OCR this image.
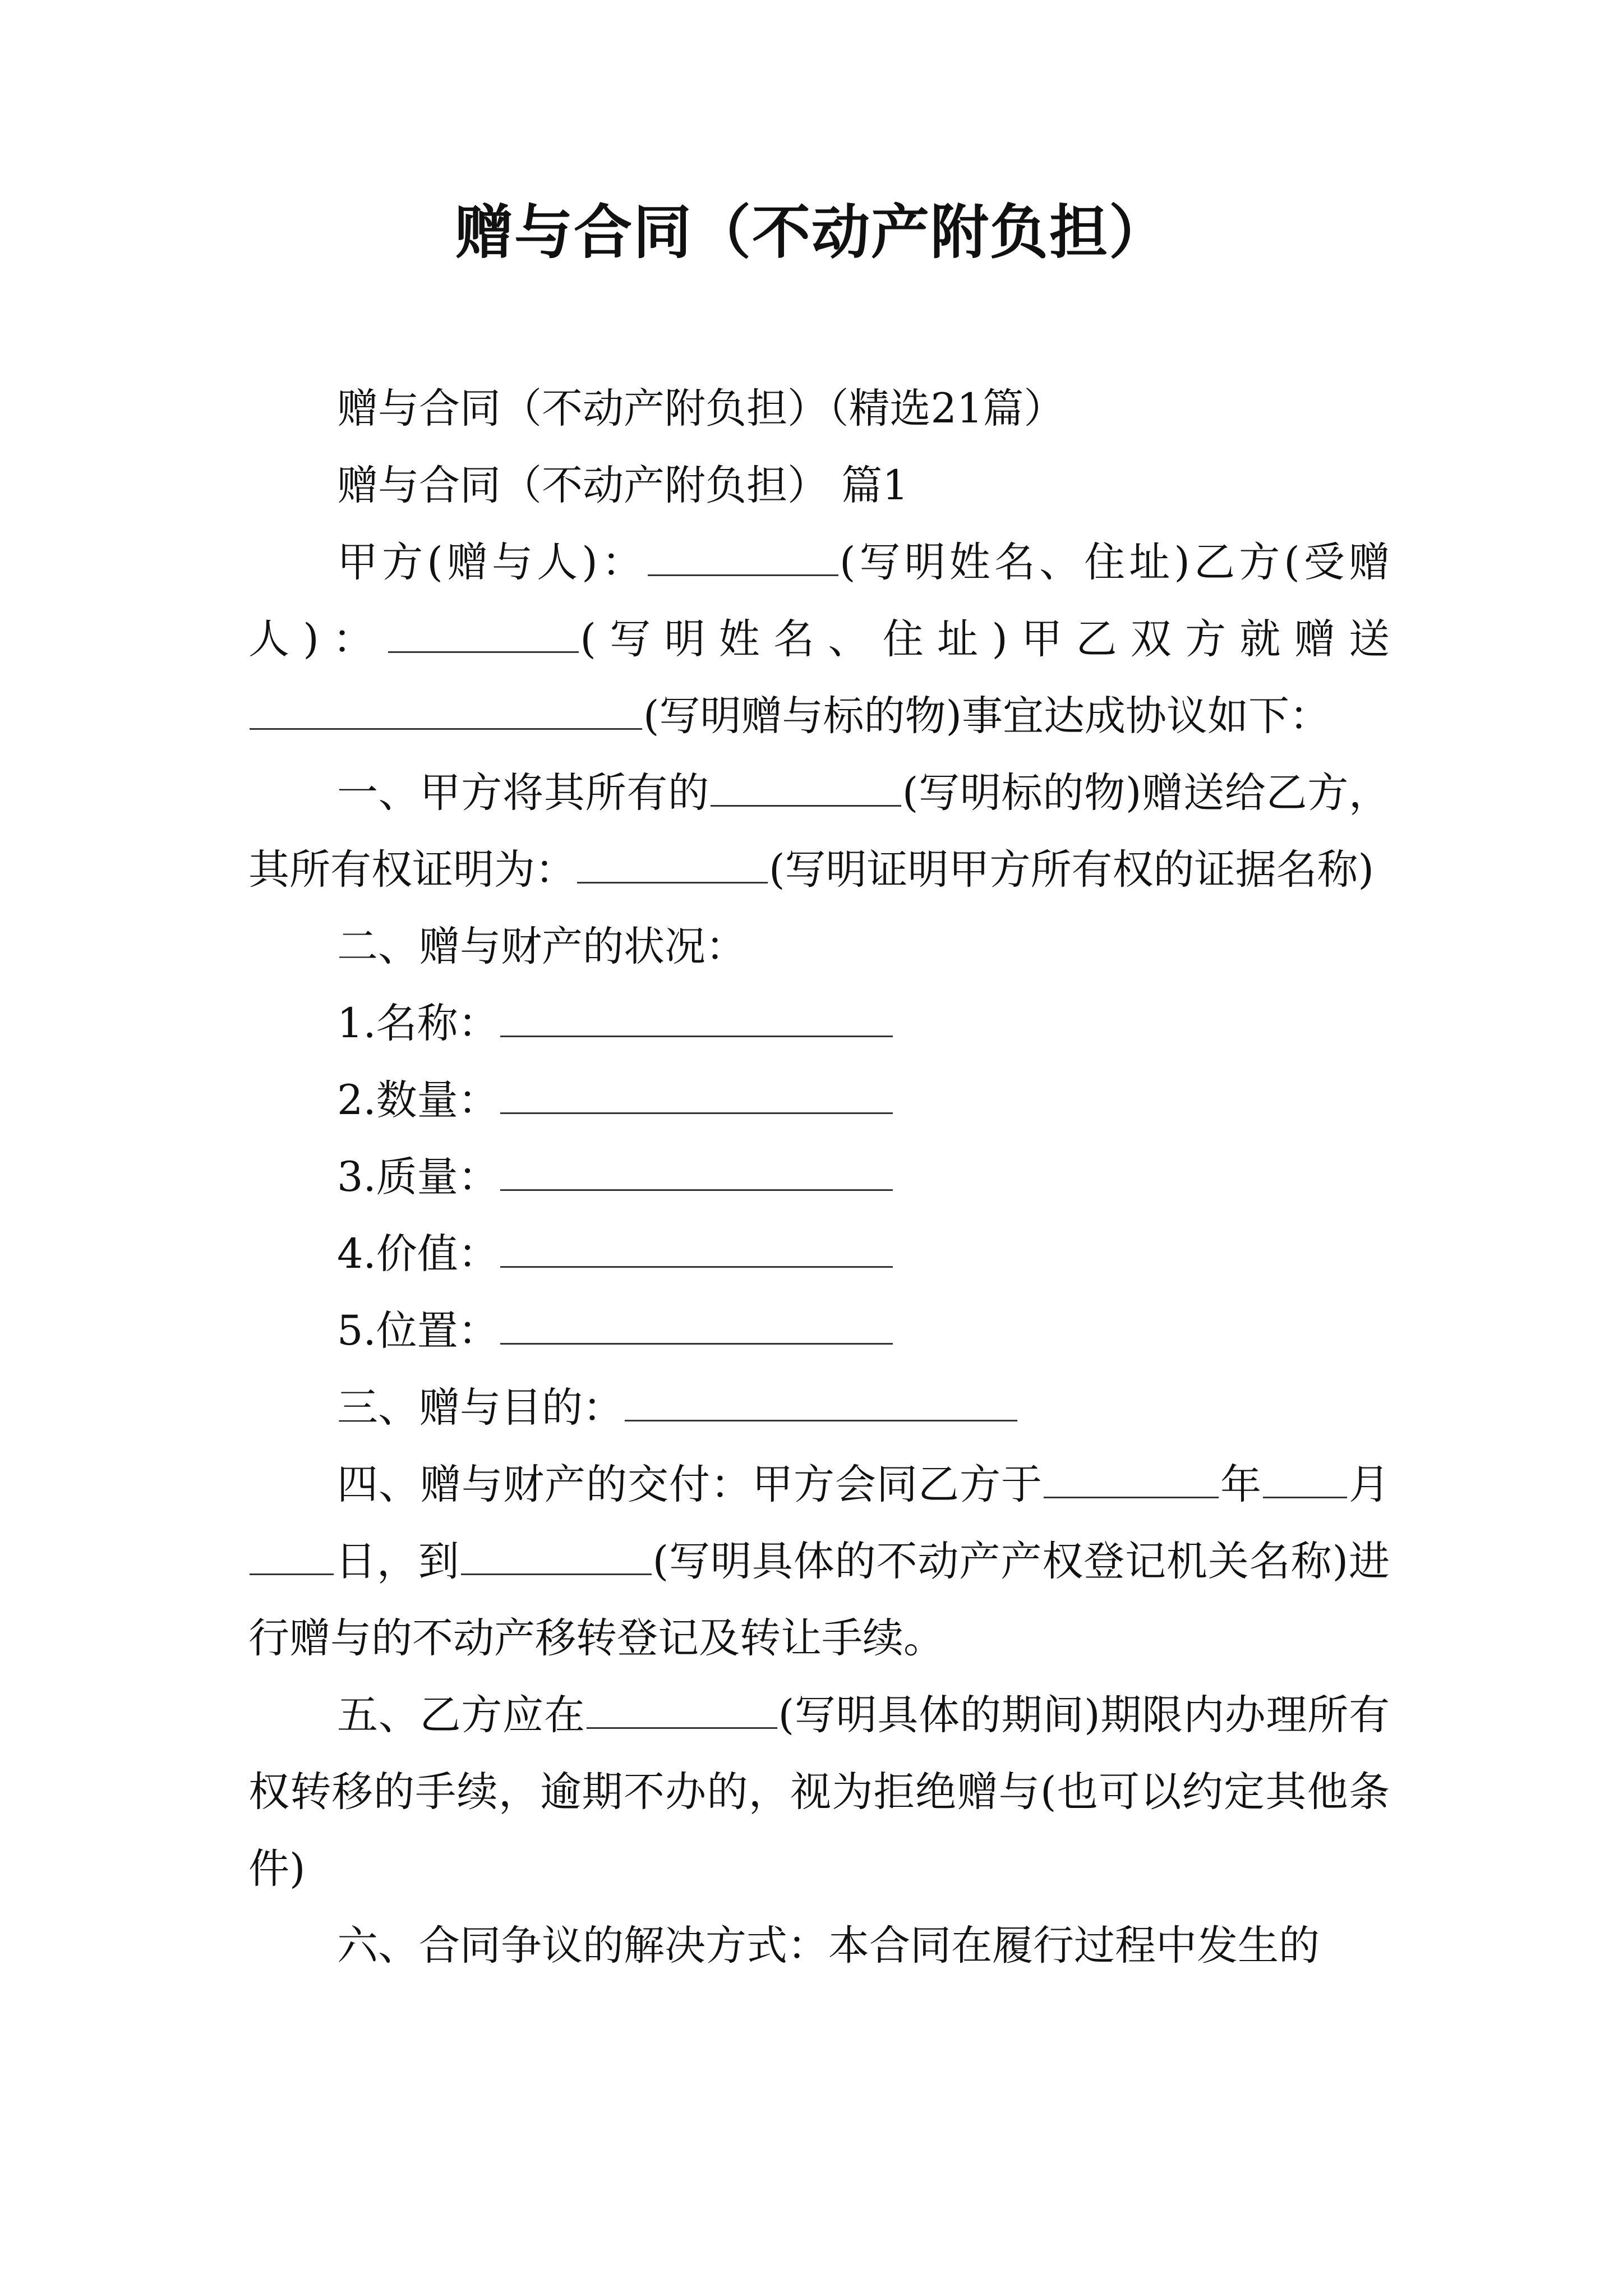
赠与合同（不动产附负担）

赠与合同（不动产附负担）（精选21篇）

赠与合同（不动产附负担） 篇1

甲方(赠与人)：	(写明姓名、住址)乙方(受赠人)：	(写明姓名、住址)甲乙双方就赠送(写明赠与标的物)事宜达成协议如下：

一、甲方将其所有的	(写明标的物)赠送给乙方，其所有权证明为：	(写明证明甲方所有权的证据名称)

二、赠与财产的状况：

1.名称：

2.数量：

3.质量：

4.价值：

5.位置：

三、赠与目的：

四、赠与财产的交付：甲方会同乙方于	年 月日，到	(写明具体的不动产产权登记机关名称)进行赠与的不动产移转登记及转让手续。

五、乙方应在	(写明具体的期间)期限内办理所有权转移的手续，逾期不办的，视为拒绝赠与(也可以约定其他条件)

六、合同争议的解决方式：本合同在履行过程中发生的
